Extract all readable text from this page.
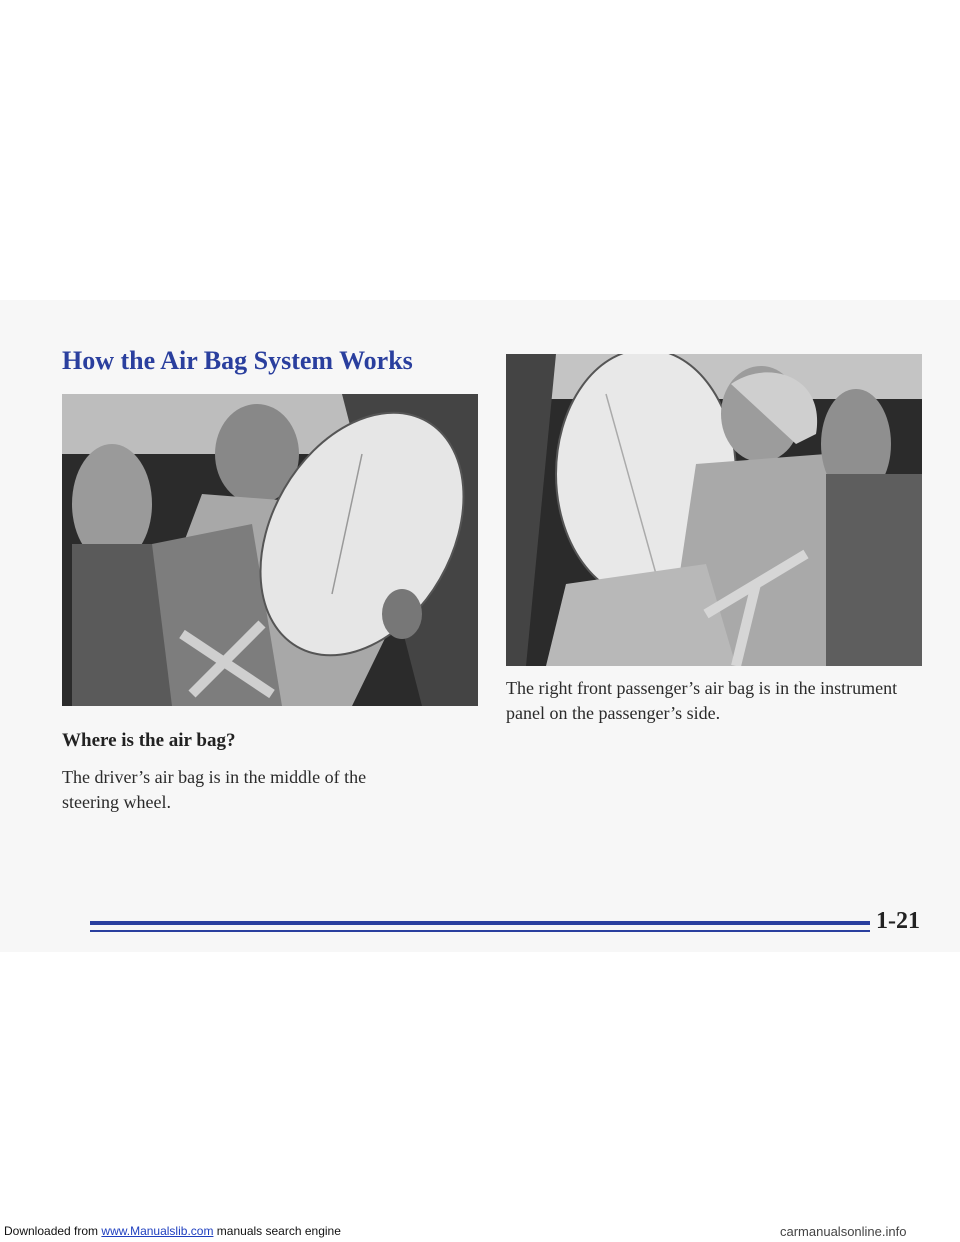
How the Air Bag System Works
Where is the air bag?

The driver’s air bag is in the middle of the steering wheel.

The right front passenger’s air bag is in the instrument panel on the passenger’s side.

1-21
Downloaded from www.Manualslib.com manuals search engine	carmanualsonline.info
